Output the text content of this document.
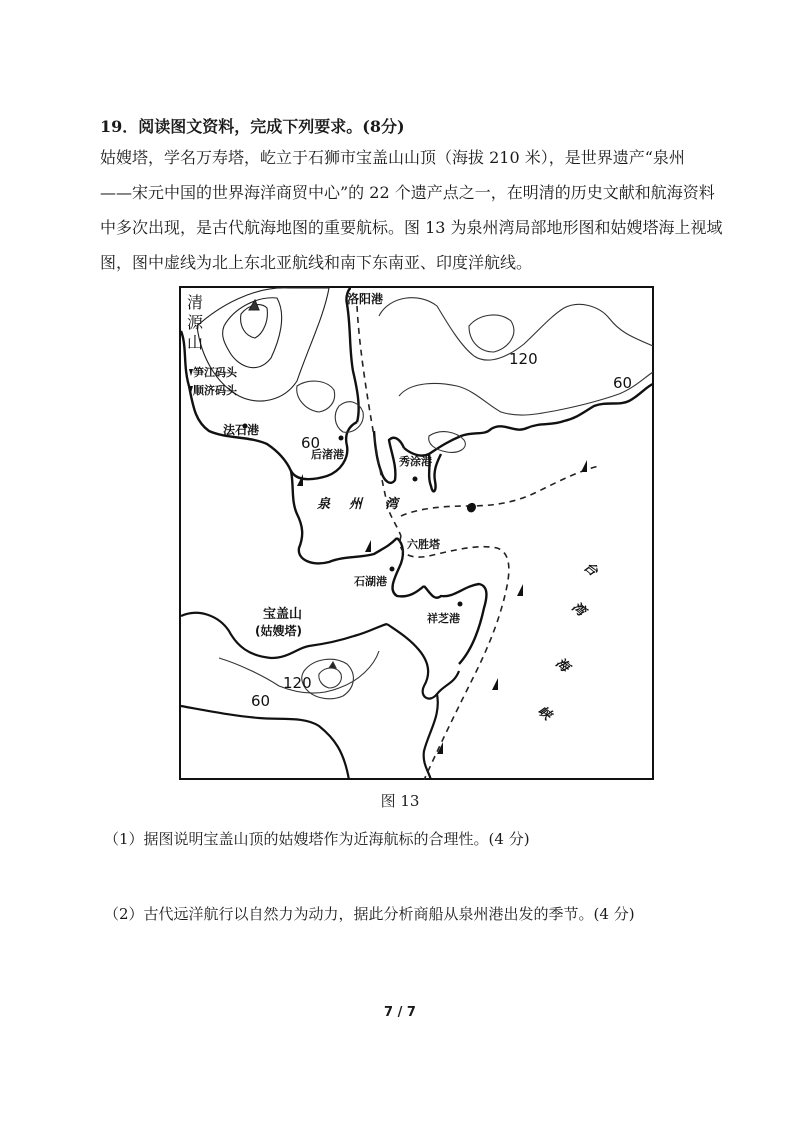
19．阅读图文资料，完成下列要求。(8分)
姑嫂塔，学名万寿塔，屹立于石狮市宝盖山山顶（海拔 210 米），是世界遗产“泉州
——宋元中国的世界海洋商贸中心”的 22 个遗产点之一，在明清的历史文献和航海资料
中多次出现，是古代航海地图的重要航标。图 13 为泉州湾局部地形图和姑嫂塔海上视域
图，图中虚线为北上东北亚航线和南下东南亚、印度洋航线。
清
源
山
洛阳港
笋江码头
顺济码头
法石港
后渚港
秀涂港
泉 州 湾
六胜塔
石湖港
祥芝港
宝盖山
(姑嫂塔)
台
湾
海
峡
120
60
60
120
60
图 13
（1）据图说明宝盖山顶的姑嫂塔作为近海航标的合理性。(4 分)
（2）古代远洋航行以自然力为动力，据此分析商船从泉州港出发的季节。(4 分)
7 / 7
